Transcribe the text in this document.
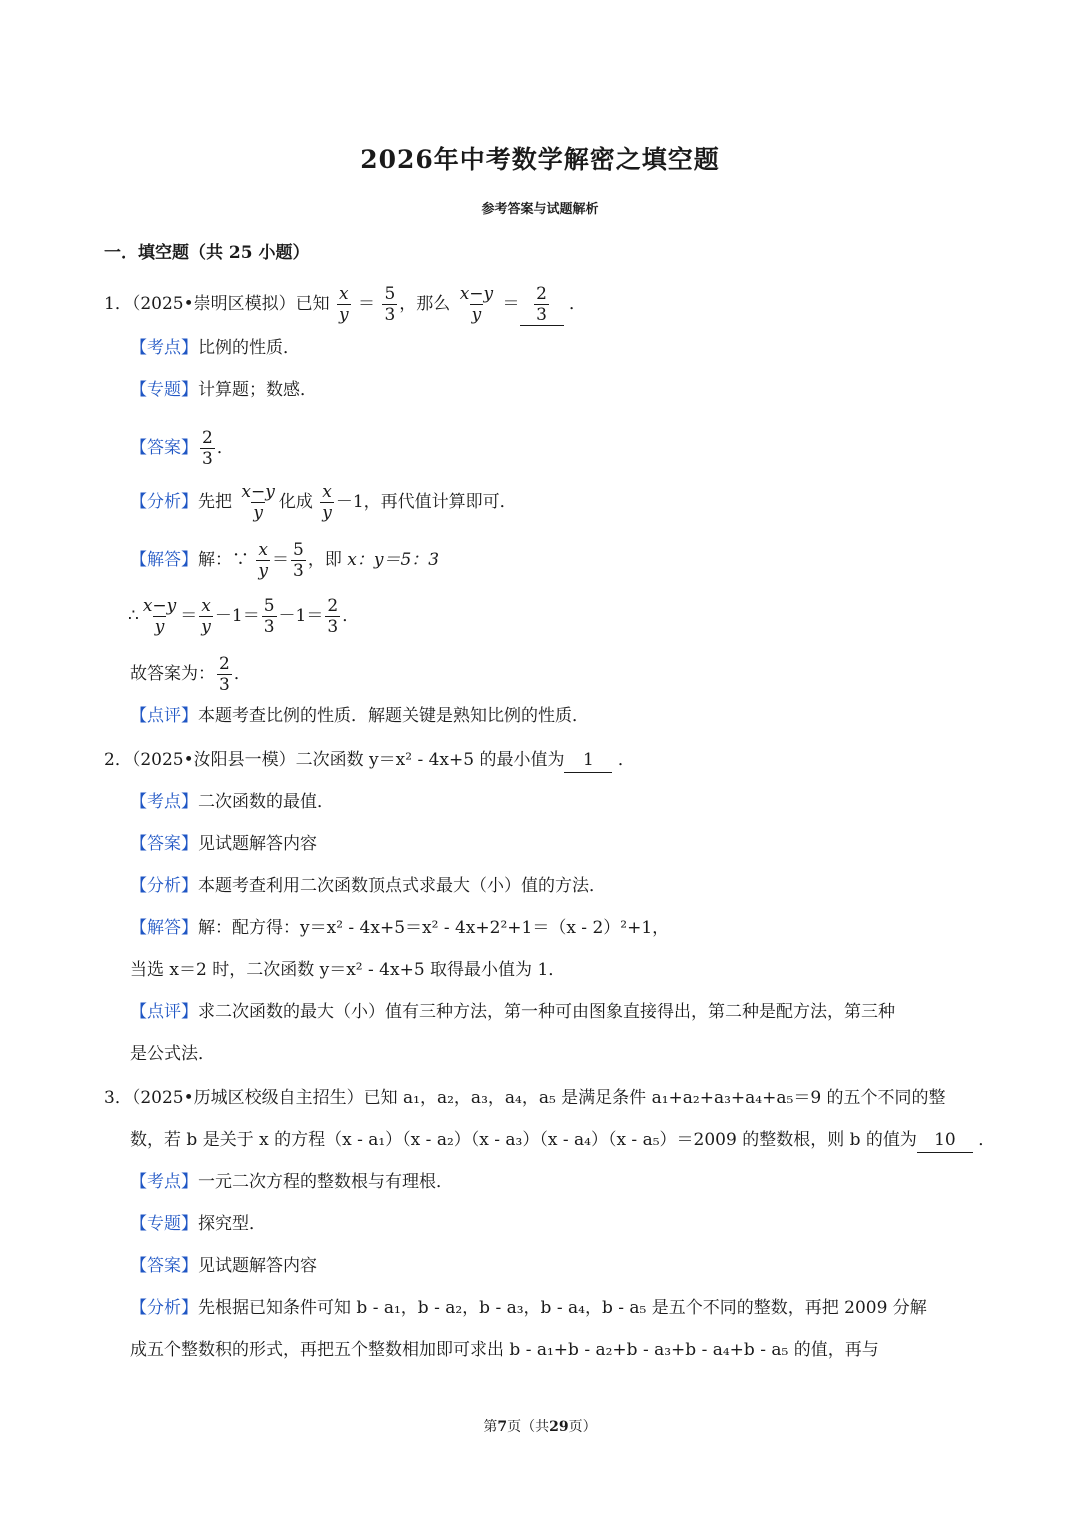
2026年中考数学解密之填空题
参考答案与试题解析
一．填空题（共 25 小题）
1．（2025•崇明区模拟）已知 $\frac{x}{y} = \frac{5}{3}$ ，那么 $\frac{x-y}{y} = \frac{2}{3}$ ．
【考点】比例的性质．
【专题】计算题；数感．
【答案】 $\frac{2}{3}$ ．
【分析】先把 $\frac{x-y}{y}$ 化成 $\frac{x}{y} -1$，再代值计算即可．
【解答】解：∵ $\frac{x}{y} = \frac{5}{3}$ ，即 x：y＝5：3
∴ $\frac{x-y}{y} = \frac{x}{y} -1= \frac{5}{3} -1= \frac{2}{3}$ ．
故答案为： $\frac{2}{3}$ ．
【点评】本题考查比例的性质．解题关键是熟知比例的性质．
2．（2025•汝阳县一模）二次函数 y＝x² ‐ 4x+5 的最小值为 1 ．
【考点】二次函数的最值．
【答案】见试题解答内容
【分析】本题考查利用二次函数顶点式求最大（小）值的方法．
【解答】解：配方得：y＝x² ‐ 4x+5＝x² ‐ 4x+2²+1＝（x ‐ 2）²+1，
当选 x＝2 时，二次函数 y＝x² ‐ 4x+5 取得最小值为 1．
【点评】求二次函数的最大（小）值有三种方法，第一种可由图象直接得出，第二种是配方法，第三种
是公式法．
3．（2025•历城区校级自主招生）已知 a₁，a₂，a₃，a₄，a₅ 是满足条件 a₁+a₂+a₃+a₄+a₅＝9 的五个不同的整
数，若 b 是关于 x 的方程（x ‐ a₁）（x ‐ a₂）（x ‐ a₃）（x ‐ a₄）（x ‐ a₅）＝2009 的整数根，则 b 的值为 10 ．
【考点】一元二次方程的整数根与有理根．
【专题】探究型．
【答案】见试题解答内容
【分析】先根据已知条件可知 b ‐ a₁，b ‐ a₂，b ‐ a₃，b ‐ a₄，b ‐ a₅ 是五个不同的整数，再把 2009 分解
成五个整数积的形式，再把五个整数相加即可求出 b ‐ a₁+b ‐ a₂+b ‐ a₃+b ‐ a₄+b ‐ a₅ 的值，再与
第7页（共29页）
